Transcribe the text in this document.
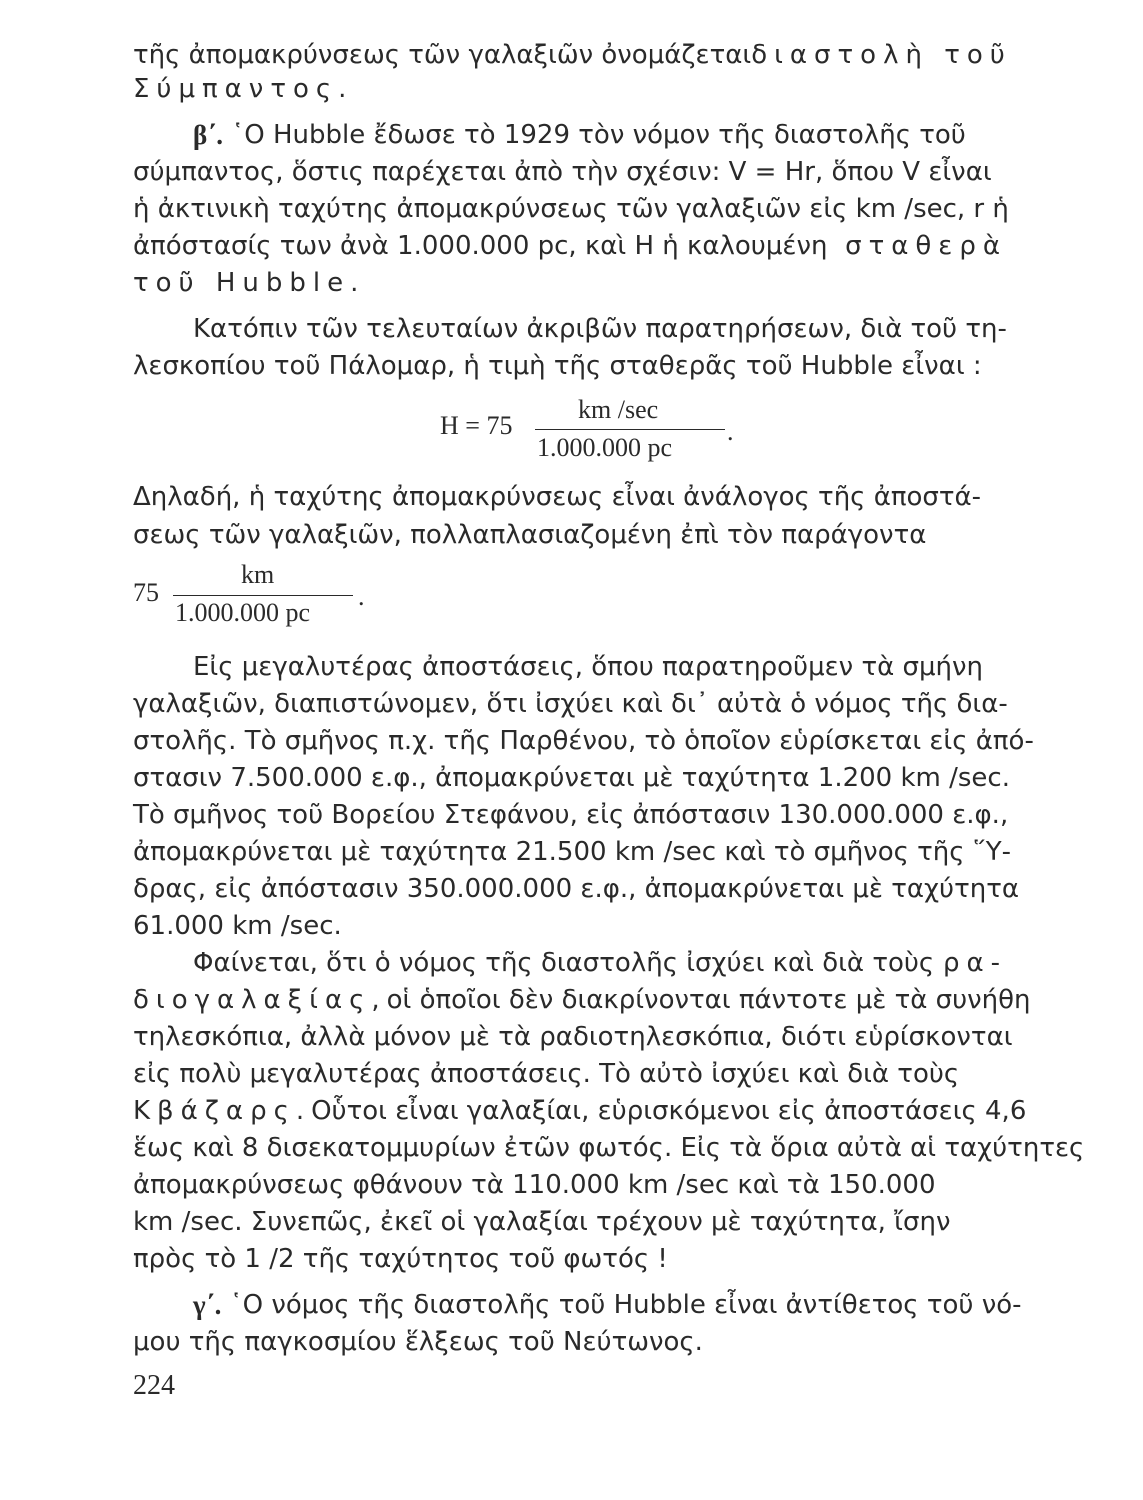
τῆς ἀπομακρύνσεως τῶν γαλαξιῶν ὀνομάζεται διαστολὴ τοῦ
Σύμπαντος.
β΄.
῾Ο Hubble ἔδωσε τὸ 1929 τὸν νόμον τῆς διαστολῆς τοῦ
σύμπαντος, ὅστις παρέχεται ἀπὸ τὴν σχέσιν: V = Hr, ὅπου V εἶναι
ἡ ἀκτινικὴ ταχύτης ἀπομακρύνσεως τῶν γαλαξιῶν εἰς km /sec, r ἡ
ἀπόστασίς των ἀνὰ 1.000.000 pc, καὶ H ἡ καλουμένη σταθερὰ
τοῦ Hubble.
Κατόπιν τῶν τελευταίων ἀκριβῶν παρατηρήσεων, διὰ τοῦ τη-
λεσκοπίου τοῦ Πάλομαρ, ἡ τιμὴ τῆς σταθερᾶς τοῦ Hubble εἶναι :
H = 75
km /sec
1.000.000 pc
.
Δηλαδή, ἡ ταχύτης ἀπομακρύνσεως εἶναι ἀνάλογος τῆς ἀποστά-
σεως τῶν γαλαξιῶν, πολλαπλασιαζομένη ἐπὶ τὸν παράγοντα
75
km
1.000.000 pc
.
Εἰς μεγαλυτέρας ἀποστάσεις, ὅπου παρατηροῦμεν τὰ σμήνη
γαλαξιῶν, διαπιστώνομεν, ὅτι ἰσχύει καὶ δι᾽ αὐτὰ ὁ νόμος τῆς δια-
στολῆς. Τὸ σμῆνος π.χ. τῆς Παρθένου, τὸ ὁποῖον εὑρίσκεται εἰς ἀπό-
στασιν 7.500.000 ε.φ., ἀπομακρύνεται μὲ ταχύτητα 1.200 km /sec.
Τὸ σμῆνος τοῦ Βορείου Στεφάνου, εἰς ἀπόστασιν 130.000.000 ε.φ.,
ἀπομακρύνεται μὲ ταχύτητα 21.500 km /sec καὶ τὸ σμῆνος τῆς ῞Υ-
δρας, εἰς ἀπόστασιν 350.000.000 ε.φ., ἀπομακρύνεται μὲ ταχύτητα
61.000 km /sec.
Φαίνεται, ὅτι ὁ νόμος τῆς διαστολῆς ἰσχύει καὶ διὰ τοὺς ρα-
διογαλαξίας, οἱ ὁποῖοι δὲν διακρίνονται πάντοτε μὲ τὰ συνήθη
τηλεσκόπια, ἀλλὰ μόνον μὲ τὰ ραδιοτηλεσκόπια, διότι εὑρίσκονται
εἰς πολὺ μεγαλυτέρας ἀποστάσεις. Τὸ αὐτὸ ἰσχύει καὶ διὰ τοὺς
Κβάζαρς. Οὗτοι εἶναι γαλαξίαι, εὑρισκόμενοι εἰς ἀποστάσεις 4,6
ἕως καὶ 8 δισεκατομμυρίων ἐτῶν φωτός. Εἰς τὰ ὅρια αὐτὰ αἱ ταχύτητες
ἀπομακρύνσεως φθάνουν τὰ 110.000 km /sec καὶ τὰ 150.000
km /sec. Συνεπῶς, ἐκεῖ οἱ γαλαξίαι τρέχουν μὲ ταχύτητα, ἴσην
πρὸς τὸ 1 /2 τῆς ταχύτητος τοῦ φωτός !
γ΄.
῾Ο νόμος τῆς διαστολῆς τοῦ Hubble εἶναι ἀντίθετος τοῦ νό-
μου τῆς παγκοσμίου ἕλξεως τοῦ Νεύτωνος.
224
